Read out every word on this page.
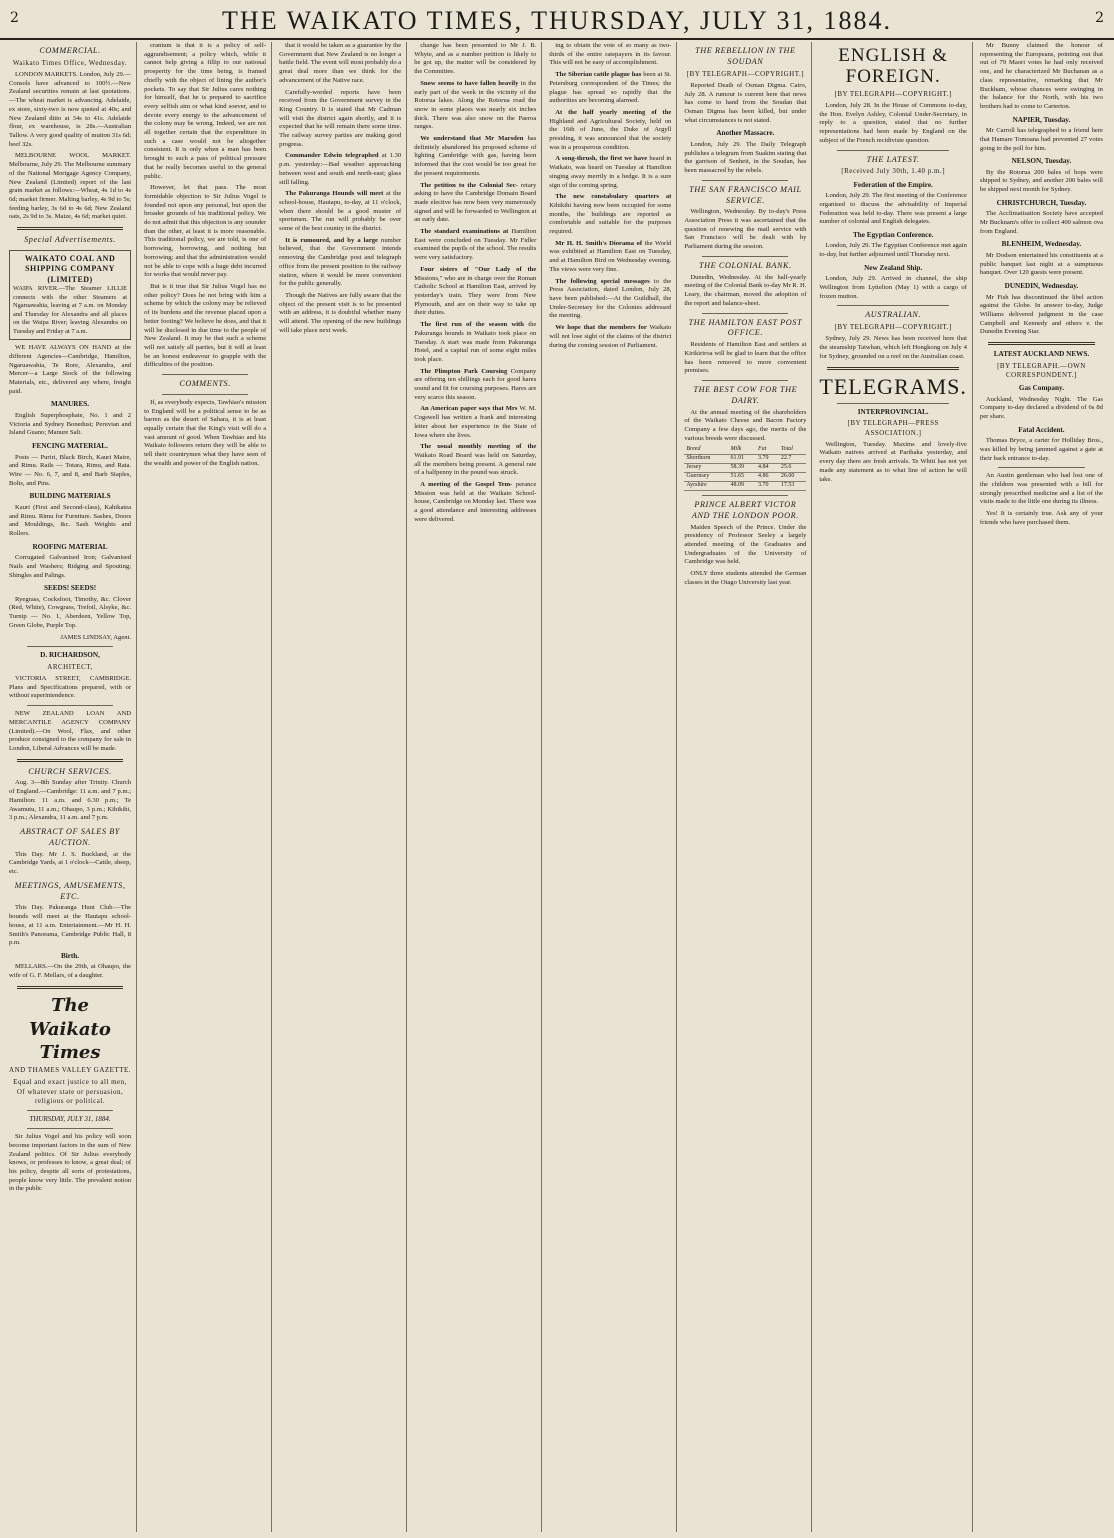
2	THE WAIKATO TIMES, THURSDAY, JULY 31, 1884.	2
COMMERCIAL.
Waikato Times Office, Wednesday.

LONDON MARKETS. London, July 29.—Consols have advanced to 100½.—New Zealand securities remain at last quotations.—The wheat market is advancing. Adelaide, ex store, sixty-two is now quoted at 40s; and New Zealand ditto at 34s to 41s. Adelaide flour, ex warehouse, is 28s.—Australian Tallow. A very good quality of mutton 31s 6d; beef 32s.

MELBOURNE WOOL MARKET. Melbourne, July 29. The Melbourne summary of the National Mortgage Agency Company, New Zealand (Limited) report of the last grain market as follows:—Wheat, 4s 1d to 4s 6d; market firmer. Malting barley, 4s 9d to 5s; feeding barley, 3s 6d to 4s 6d; New Zealand oats, 2s 9d to 3s. Maize, 4s 6d; market quiet.

Special Advertisements.
WAIKATO COAL AND SHIPPING COMPANY (LIMITED)
WAIPA RIVER.—The Steamer LILLIE connects with the other Steamers at Ngaruawahia, leaving at 7 a.m. on Monday and Thursday for Alexandra and all places on the Waipa River; leaving Alexandra on Tuesday and Friday at 7 a.m.

WE HAVE ALWAYS ON HAND at the different Agencies—Cambridge, Hamilton, Ngaruawahia, Te Rore, Alexandra, and Mercer—a Large Stock of the following Materials, etc., delivered any where, freight paid.

MANURES.

English Superphosphate, No. 1 and 2 Victoria and Sydney Bonedust; Peruvian and Island Guano; Manure Salt.

FENCING MATERIAL.

Posts — Puriri, Black Birch, Kauri Maire, and Rimu. Rails — Totara, Rimu, and Rata. Wire — No. 6, 7, and 8, and Barb Staples, Bolts, and Pins.

BUILDING MATERIALS

Kauri (First and Second-class), Kahikatea and Rimu. Rimu for Furniture. Sashes, Doors and Mouldings, &c. Sash Weights and Rollers.

ROOFING MATERIAL

Corrugated Galvanised Iron; Galvanised Nails and Washers; Ridging and Spouting; Shingles and Palings.

SEEDS! SEEDS!

Ryegrass, Cocksfoot, Timothy, &c. Clover (Red, White), Cowgrass, Trefoil, Alsyke, &c. Turnip — No. 1, Aberdeen, Yellow Top, Green Globe, Purple Top.

JAMES LINDSAY, Agent.

D. RICHARDSON,
ARCHITECT,

VICTORIA STREET, CAMBRIDGE. Plans and Specifications prepared, with or without superintendence.

NEW ZEALAND LOAN AND MERCANTILE AGENCY COMPANY (Limited).—On Wool, Flax, and other produce consigned to the company for sale in London, Liberal Advances will be made.

CHURCH SERVICES.

Aug. 3—8th Sunday after Trinity. Church of England.—Cambridge: 11 a.m. and 7 p.m.; Hamilton: 11 a.m. and 6.30 p.m.; Te Awamutu, 11 a.m.; Ohaupo, 3 p.m.; Kihikihi, 3 p.m.; Alexandra, 11 a.m. and 7 p.m.

ABSTRACT OF SALES BY AUCTION.

This Day. Mr J. S. Buckland, at the Cambridge Yards, at 1 o'clock—Cattle, sheep, etc.

MEETINGS, AMUSEMENTS, ETC.

This Day. Pakuranga Hunt Club.—The hounds will meet at the Hautapu school-house, at 11 a.m. Entertainment.—Mr H. H. Smith's Panorama, Cambridge Public Hall, 8 p.m.

Birth.

MELLARS.—On the 29th, at Ohaupo, the wife of G. F. Mellars, of a daughter.

The Waikato Times
AND THAMES VALLEY GAZETTE.
Equal and exact justice to all men, Of whatever state or persuasion, religious or political.
THURSDAY, JULY 31, 1884.

Sir Julius Vogel and his policy will soon become important factors in the sum of New Zealand politics. Of Sir Julius everybody knows, or professes to know, a great deal; of his policy, despite all sorts of protestations, people know very little. The prevalent notion in the public

cranium is that it is a policy of self-aggrandisement; a policy which, while it cannot help giving a fillip to our national prosperity for the time being, is framed chiefly with the object of lining the author's pockets. To say that Sir Julius cares nothing for himself, that he is prepared to sacrifice every selfish aim or what kind soever, and to devote every energy to the advancement of the colony may be wrong. Indeed, we are not all together certain that the expenditure in such a case would not be altogether consistent. It is only when a man has been brought to such a pass of political pressure that he really becomes useful to the general public.

However, let that pass. The most formidable objection to Sir Julius Vogel is founded not upon any personal, but upon the broader grounds of his traditional policy. We do not admit that this objection is any sounder than the other, at least it is more reasonable. This traditional policy, we are told, is one of borrowing, borrowing, and nothing but borrowing; and that the administration would not be able to cope with a huge debt incurred for works that would never pay.

But is it true that Sir Julius Vogel has no other policy? Does he not bring with him a scheme by which the colony may be relieved of its burdens and the revenue placed upon a better footing? We believe he does, and that it will be disclosed in due time to the people of New Zealand. It may be that such a scheme will not satisfy all parties, but it will at least be an honest endeavour to grapple with the difficulties of the position.

COMMENTS.

If, as everybody expects, Tawhiao's mission to England will be a political sense to be as barren as the desert of Sahara, it is at least equally certain that the King's visit will do a vast amount of good. When Tawhiao and his Waikato followers return they will be able to tell their countrymen what they have seen of the wealth and power of the English nation.

that it would be taken as a guarantee by the Government that New Zealand is no longer a battle field. The event will most probably do a great deal more than we think for the advancement of the Native race.

Carefully-worded reports have been received from the Government survey in the King Country. It is stated that Mr Cadman will visit the district again shortly, and it is expected that he will remain there some time. The railway survey parties are making good progress.

Commander Edwin telegraphed at 1.30 p.m. yesterday:—Bad weather approaching between west and south and north-east; glass still falling.

The Pakuranga Hounds will meet at the school-house, Hautapu, to-day, at 11 o'clock, when there should be a good muster of sportsmen. The run will probably be over some of the best country in the district.

It is rumoured, and by a large number believed, that the Government intends removing the Cambridge post and telegraph office from the present position to the railway station, where it would be more convenient for the public generally.

Though the Natives are fully aware that the object of the present visit is to be presented with an address, it is doubtful whether many will attend. The opening of the new buildings will take place next week.

change has been presented to Mr J. B. Whyte, and as a number petition is likely to be got up, the matter will be considered by the Committee.

Snow seems to have fallen heavily in the early part of the week in the vicinity of the Rotorua lakes. Along the Rotorua road the snow in some places was nearly six inches thick. There was also snow on the Paeroa ranges.

We understand that Mr Marsden has definitely abandoned his proposed scheme of lighting Cambridge with gas, having been informed that the cost would be too great for the present requirements.

The petition to the Colonial Sec- retary asking to have the Cambridge Domain Board made elective has now been very numerously signed and will be forwarded to Wellington at an early date.

The standard examinations at Hamilton East were concluded on Tuesday. Mr Fidler examined the pupils of the school. The results were very satisfactory.

Four sisters of "Our Lady of the Missions," who are in charge over the Roman Catholic School at Hamilton East, arrived by yesterday's train. They were from New Plymouth, and are on their way to take up their duties.

The first run of the season with the Pakuranga hounds in Waikato took place on Tuesday. A start was made from Pakuranga Hotel, and a capital run of some eight miles took place.

The Plimpton Park Coursing Company are offering ten shillings each for good hares sound and fit for coursing purposes. Hares are very scarce this season.

An American paper says that Mrs W. M. Cogswell has written a frank and interesting letter about her experience in the State of Iowa where she lives.

The usual monthly meeting of the Waikato Road Board was held on Saturday, all the members being present. A general rate of a halfpenny in the pound was struck.

A meeting of the Gospel Tem- perance Mission was held at the Waikato School-house, Cambridge on Monday last. There was a good attendance and interesting addresses were delivered.

ing to obtain the vote of so many as two-thirds of the entire ratepayers in its favour. This will not be easy of accomplishment.

The Siberian cattle plague has been at St. Petersburg correspondent of the Times; the plague has spread so rapidly that the authorities are becoming alarmed.

At the half yearly meeting of the Highland and Agricultural Society, held on the 16th of June, the Duke of Argyll presiding, it was announced that the society was in a prosperous condition.

A song-thrush, the first we have heard in Waikato, was heard on Tuesday at Hamilton singing away merrily in a hedge. It is a sure sign of the coming spring.

The new constabulary quarters at Kihikihi having now been occupied for some months, the buildings are reported as comfortable and suitable for the purposes required.

Mr H. H. Smith's Diorama of the World was exhibited at Hamilton East on Tuesday, and at Hamilton Bird on Wednesday evening. The views were very fine.

The following special messages to the Press Association, dated London, July 28, have been published:—At the Guildhall, the Under-Secretary for the Colonies addressed the meeting.

We hope that the members for Waikato will not lose sight of the claims of the district during the coming session of Parliament.

THE REBELLION IN THE SOUDAN
[BY TELEGRAPH—COPYRIGHT.]

Reported Death of Osman Digma. Cairo, July 28. A rumour is current here that news has come to hand from the Soudan that Osman Digma has been killed, but under what circumstances is not stated.

Another Massacre.

London, July 29. The Daily Telegraph publishes a telegram from Suakim stating that the garrison of Senheit, in the Soudan, has been massacred by the rebels.

THE SAN FRANCISCO MAIL SERVICE.

Wellington, Wednesday. By to-day's Press Association Press it was ascertained that the question of renewing the mail service with San Francisco will be dealt with by Parliament during the session.

THE COLONIAL BANK.

Dunedin, Wednesday. At the half-yearly meeting of the Colonial Bank to-day Mr R. H. Leary, the chairman, moved the adoption of the report and balance-sheet.

THE HAMILTON EAST POST OFFICE.

Residents of Hamilton East and settlers at Kirikiriroa will be glad to learn that the office has been removed to more convenient premises.

THE BEST COW FOR THE DAIRY.

At the annual meeting of the shareholders of the Waikato Cheese and Bacon Factory Company a few days ago, the merits of the various breeds were discussed.

Breed	Milk	Fat	Total
Shorthorn	61.91	3.79	22.7
Jersey	58.39	4.84	25.6
Guernsey	51.65	4.86	26.00
Ayrshire	48.09	3.70	17.53
PRINCE ALBERT VICTOR AND THE LONDON POOR.

Maiden Speech of the Prince. Under the presidency of Professor Seeley a largely attended meeting of the Graduates and Undergraduates of the University of Cambridge was held.

ONLY three students attended the German classes in the Otago University last year.

ENGLISH & FOREIGN.
[BY TELEGRAPH—COPYRIGHT.]

London, July 28. In the House of Commons to-day, the Hon. Evelyn Ashley, Colonial Under-Secretary, in reply to a question, stated that no further representations had been made by England on the subject of the French recidiviste question.

THE LATEST.
[Received July 30th, 1.40 p.m.]
Federation of the Empire.

London, July 29. The first meeting of the Conference organised to discuss the advisability of Imperial Federation was held to-day. There was present a large number of colonial and English delegates.

The Egyptian Conference.

London, July 29. The Egyptian Conference met again to-day, but further adjourned until Thursday next.

New Zealand Ship.

London, July 29. Arrived in channel, the ship Wellington from Lyttelton (May 1) with a cargo of frozen mutton.

AUSTRALIAN.
[BY TELEGRAPH—COPYRIGHT.]

Sydney, July 29. News has been received here that the steamship Taiwhan, which left Hongkong on July 4 for Sydney, grounded on a reef on the Australian coast.

TELEGRAMS.
INTERPROVINCIAL.
[BY TELEGRAPH—PRESS ASSOCIATION.]

Wellington, Tuesday. Maxims and lovely-five Waikato natives arrived at Parihaka yesterday, and every day there are fresh arrivals. Te Whiti has not yet made any statement as to what line of action he will take.

Mr Bunny claimed the honour of representing the Europeans, pointing out that out of 79 Maori votes he had only received one, and he characterized Mr Buchanan as a class representative, remarking that Mr Buckham, whose chances were swinging in the balance for the North, with his two brothers had to come to Carterton.

NAPIER, Tuesday.

Mr Carroll has telegraphed to a friend here that Hamare Tomoana had prevented 27 votes going to the poll for him.

NELSON, Tuesday.

By the Rotorua 200 bales of hops were shipped to Sydney, and another 200 bales will be shipped next month for Sydney.

CHRISTCHURCH, Tuesday.

The Acclimatisation Society have accepted Mr Bucknam's offer to collect 400 salmon ova from England.

BLENHEIM, Wednesday.

Mr Dodson entertained his constituents at a public banquet last night at a sumptuous banquet. Over 120 guests were present.

DUNEDIN, Wednesday.

Mr Fish has discontinued the libel action against the Globe. In answer to-day, Judge Williams delivered judgment in the case Campbell and Kennedy and others v. the Dunedin Evening Star.

LATEST AUCKLAND NEWS.
[BY TELEGRAPH.—OWN CORRESPONDENT.]
Gas Company.

Auckland, Wednesday Night. The Gas Company to-day declared a dividend of 6s 8d per share.

Fatal Accident.

Thomas Bryce, a carter for Holliday Bros., was killed by being jammed against a gate at their back entrance to-day.

An Austin gentleman who had lost one of the children was presented with a bill for strongly prescribed medicine and a list of the visits made to the little one during its illness.

Yes! It is certainly true. Ask any of your friends who have purchased them.
